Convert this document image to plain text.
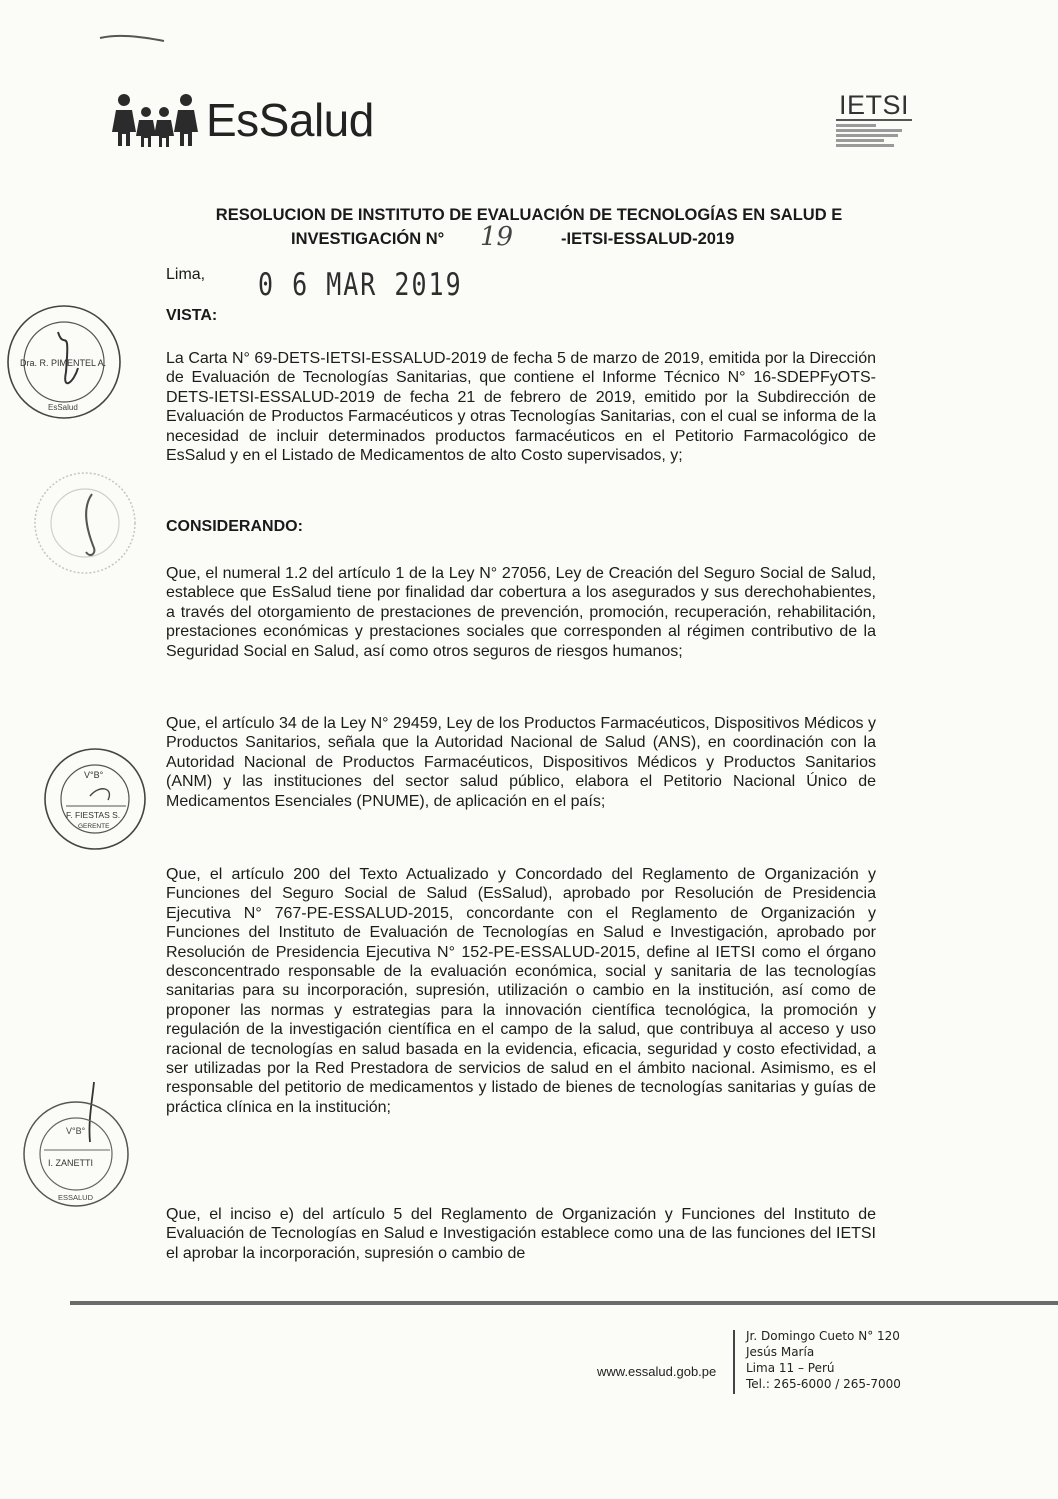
EsSalud	IETSI
RESOLUCION DE INSTITUTO DE EVALUACIÓN DE TECNOLOGÍAS EN SALUD E
INVESTIGACIÓN N° 19	-IETSI-ESSALUD-2019
Lima, 0 6 MAR 2019
VISTA:
La Carta N° 69-DETS-IETSI-ESSALUD-2019 de fecha 5 de marzo de 2019, emitida por la Dirección de Evaluación de Tecnologías Sanitarias, que contiene el Informe Técnico N° 16-SDEPFyOTS-DETS-IETSI-ESSALUD-2019 de fecha 21 de febrero de 2019, emitido por la Subdirección de Evaluación de Productos Farmacéuticos y otras Tecnologías Sanitarias, con el cual se informa de la necesidad de incluir determinados productos farmacéuticos en el Petitorio Farmacológico de EsSalud y en el Listado de Medicamentos de alto Costo supervisados, y;
CONSIDERANDO:
Que, el numeral 1.2 del artículo 1 de la Ley N° 27056, Ley de Creación del Seguro Social de Salud, establece que EsSalud tiene por finalidad dar cobertura a los asegurados y sus derechohabientes, a través del otorgamiento de prestaciones de prevención, promoción, recuperación, rehabilitación, prestaciones económicas y prestaciones sociales que corresponden al régimen contributivo de la Seguridad Social en Salud, así como otros seguros de riesgos humanos;
Que, el artículo 34 de la Ley N° 29459, Ley de los Productos Farmacéuticos, Dispositivos Médicos y Productos Sanitarios, señala que la Autoridad Nacional de Salud (ANS), en coordinación con la Autoridad Nacional de Productos Farmacéuticos, Dispositivos Médicos y Productos Sanitarios (ANM) y las instituciones del sector salud público, elabora el Petitorio Nacional Único de Medicamentos Esenciales (PNUME), de aplicación en el país;
Que, el artículo 200 del Texto Actualizado y Concordado del Reglamento de Organización y Funciones del Seguro Social de Salud (EsSalud), aprobado por Resolución de Presidencia Ejecutiva N° 767-PE-ESSALUD-2015, concordante con el Reglamento de Organización y Funciones del Instituto de Evaluación de Tecnologías en Salud e Investigación, aprobado por Resolución de Presidencia Ejecutiva N° 152-PE-ESSALUD-2015, define al IETSI como el órgano desconcentrado responsable de la evaluación económica, social y sanitaria de las tecnologías sanitarias para su incorporación, supresión, utilización o cambio en la institución, así como de proponer las normas y estrategias para la innovación científica tecnológica, la promoción y regulación de la investigación científica en el campo de la salud, que contribuya al acceso y uso racional de tecnologías en salud basada en la evidencia, eficacia, seguridad y costo efectividad, a ser utilizadas por la Red Prestadora de servicios de salud en el ámbito nacional. Asimismo, es el responsable del petitorio de medicamentos y listado de bienes de tecnologías sanitarias y guías de práctica clínica en la institución;
Que, el inciso e) del artículo 5 del Reglamento de Organización y Funciones del Instituto de Evaluación de Tecnologías en Salud e Investigación establece como una de las funciones del IETSI el aprobar la incorporación, supresión o cambio de
Dra. R. PIMENTEL A.
EsSalud
V°B°
F. FIESTAS S.
GERENTE
V°B°
I. ZANETTI
ESSALUD
www.essalud.gob.pe
Jr. Domingo Cueto N° 120
Jesús María
Lima 11 – Perú
Tel.: 265-6000 / 265-7000
